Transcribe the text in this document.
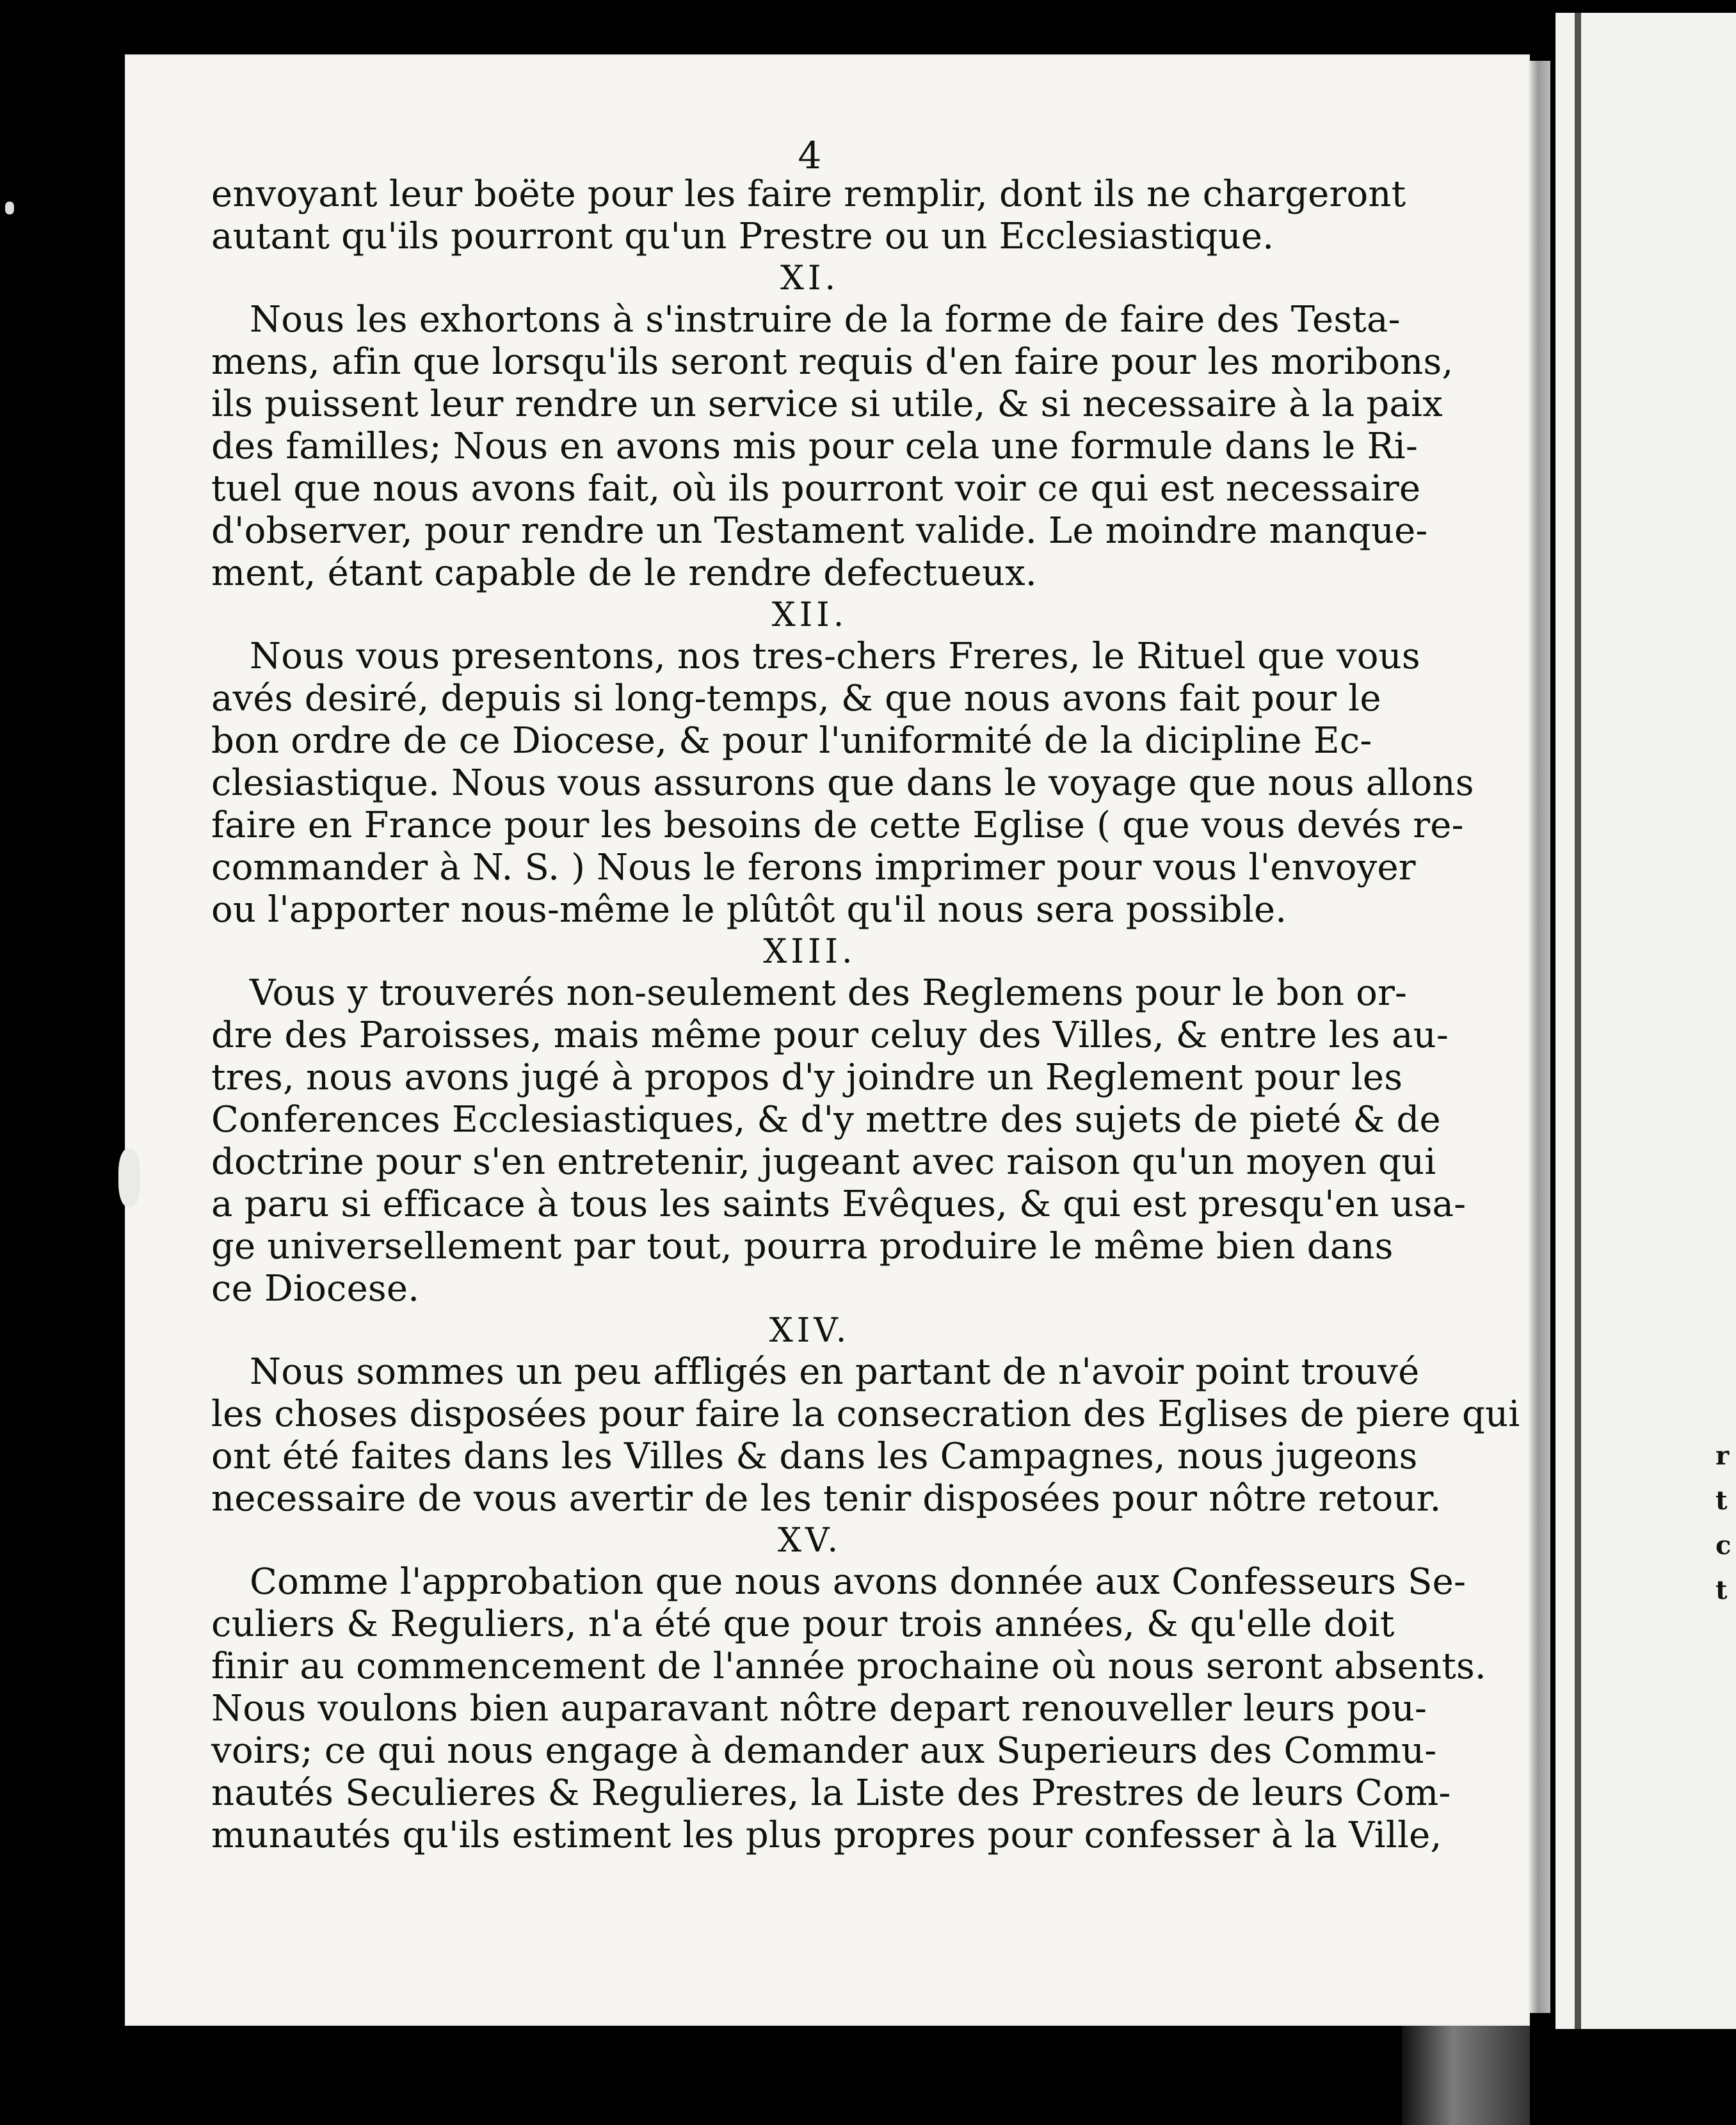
r
t
c
t
4
envoyant leur boëte pour les faire remplir, dont ils ne chargeront
autant qu'ils pourront qu'un Prestre ou un Ecclesiastique.
XI.
Nous les exhortons à s'instruire de la forme de faire des Testa-
mens, afin que lorsqu'ils seront requis d'en faire pour les moribons,
ils puissent leur rendre un service si utile, & si necessaire à la paix
des familles; Nous en avons mis pour cela une formule dans le Ri-
tuel que nous avons fait, où ils pourront voir ce qui est necessaire
d'observer, pour rendre un Testament valide. Le moindre manque-
ment, étant capable de le rendre defectueux.
XII.
Nous vous presentons, nos tres-chers Freres, le Rituel que vous
avés desiré, depuis si long-temps, & que nous avons fait pour le
bon ordre de ce Diocese, & pour l'uniformité de la dicipline Ec-
clesiastique. Nous vous assurons que dans le voyage que nous allons
faire en France pour les besoins de cette Eglise ( que vous devés re-
commander à N. S. ) Nous le ferons imprimer pour vous l'envoyer
ou l'apporter nous-même le plûtôt qu'il nous sera possible.
XIII.
Vous y trouverés non-seulement des Reglemens pour le bon or-
dre des Paroisses, mais même pour celuy des Villes, & entre les au-
tres, nous avons jugé à propos d'y joindre un Reglement pour les
Conferences Ecclesiastiques, & d'y mettre des sujets de pieté & de
doctrine pour s'en entretenir, jugeant avec raison qu'un moyen qui
a paru si efficace à tous les saints Evêques, & qui est presqu'en usa-
ge universellement par tout, pourra produire le même bien dans
ce Diocese.
XIV.
Nous sommes un peu affligés en partant de n'avoir point trouvé
les choses disposées pour faire la consecration des Eglises de piere qui
ont été faites dans les Villes & dans les Campagnes, nous jugeons
necessaire de vous avertir de les tenir disposées pour nôtre retour.
XV.
Comme l'approbation que nous avons donnée aux Confesseurs Se-
culiers & Reguliers, n'a été que pour trois années, & qu'elle doit
finir au commencement de l'année prochaine où nous seront absents.
Nous voulons bien auparavant nôtre depart renouveller leurs pou-
voirs; ce qui nous engage à demander aux Superieurs des Commu-
nautés Seculieres & Regulieres, la Liste des Prestres de leurs Com-
munautés qu'ils estiment les plus propres pour confesser à la Ville,
